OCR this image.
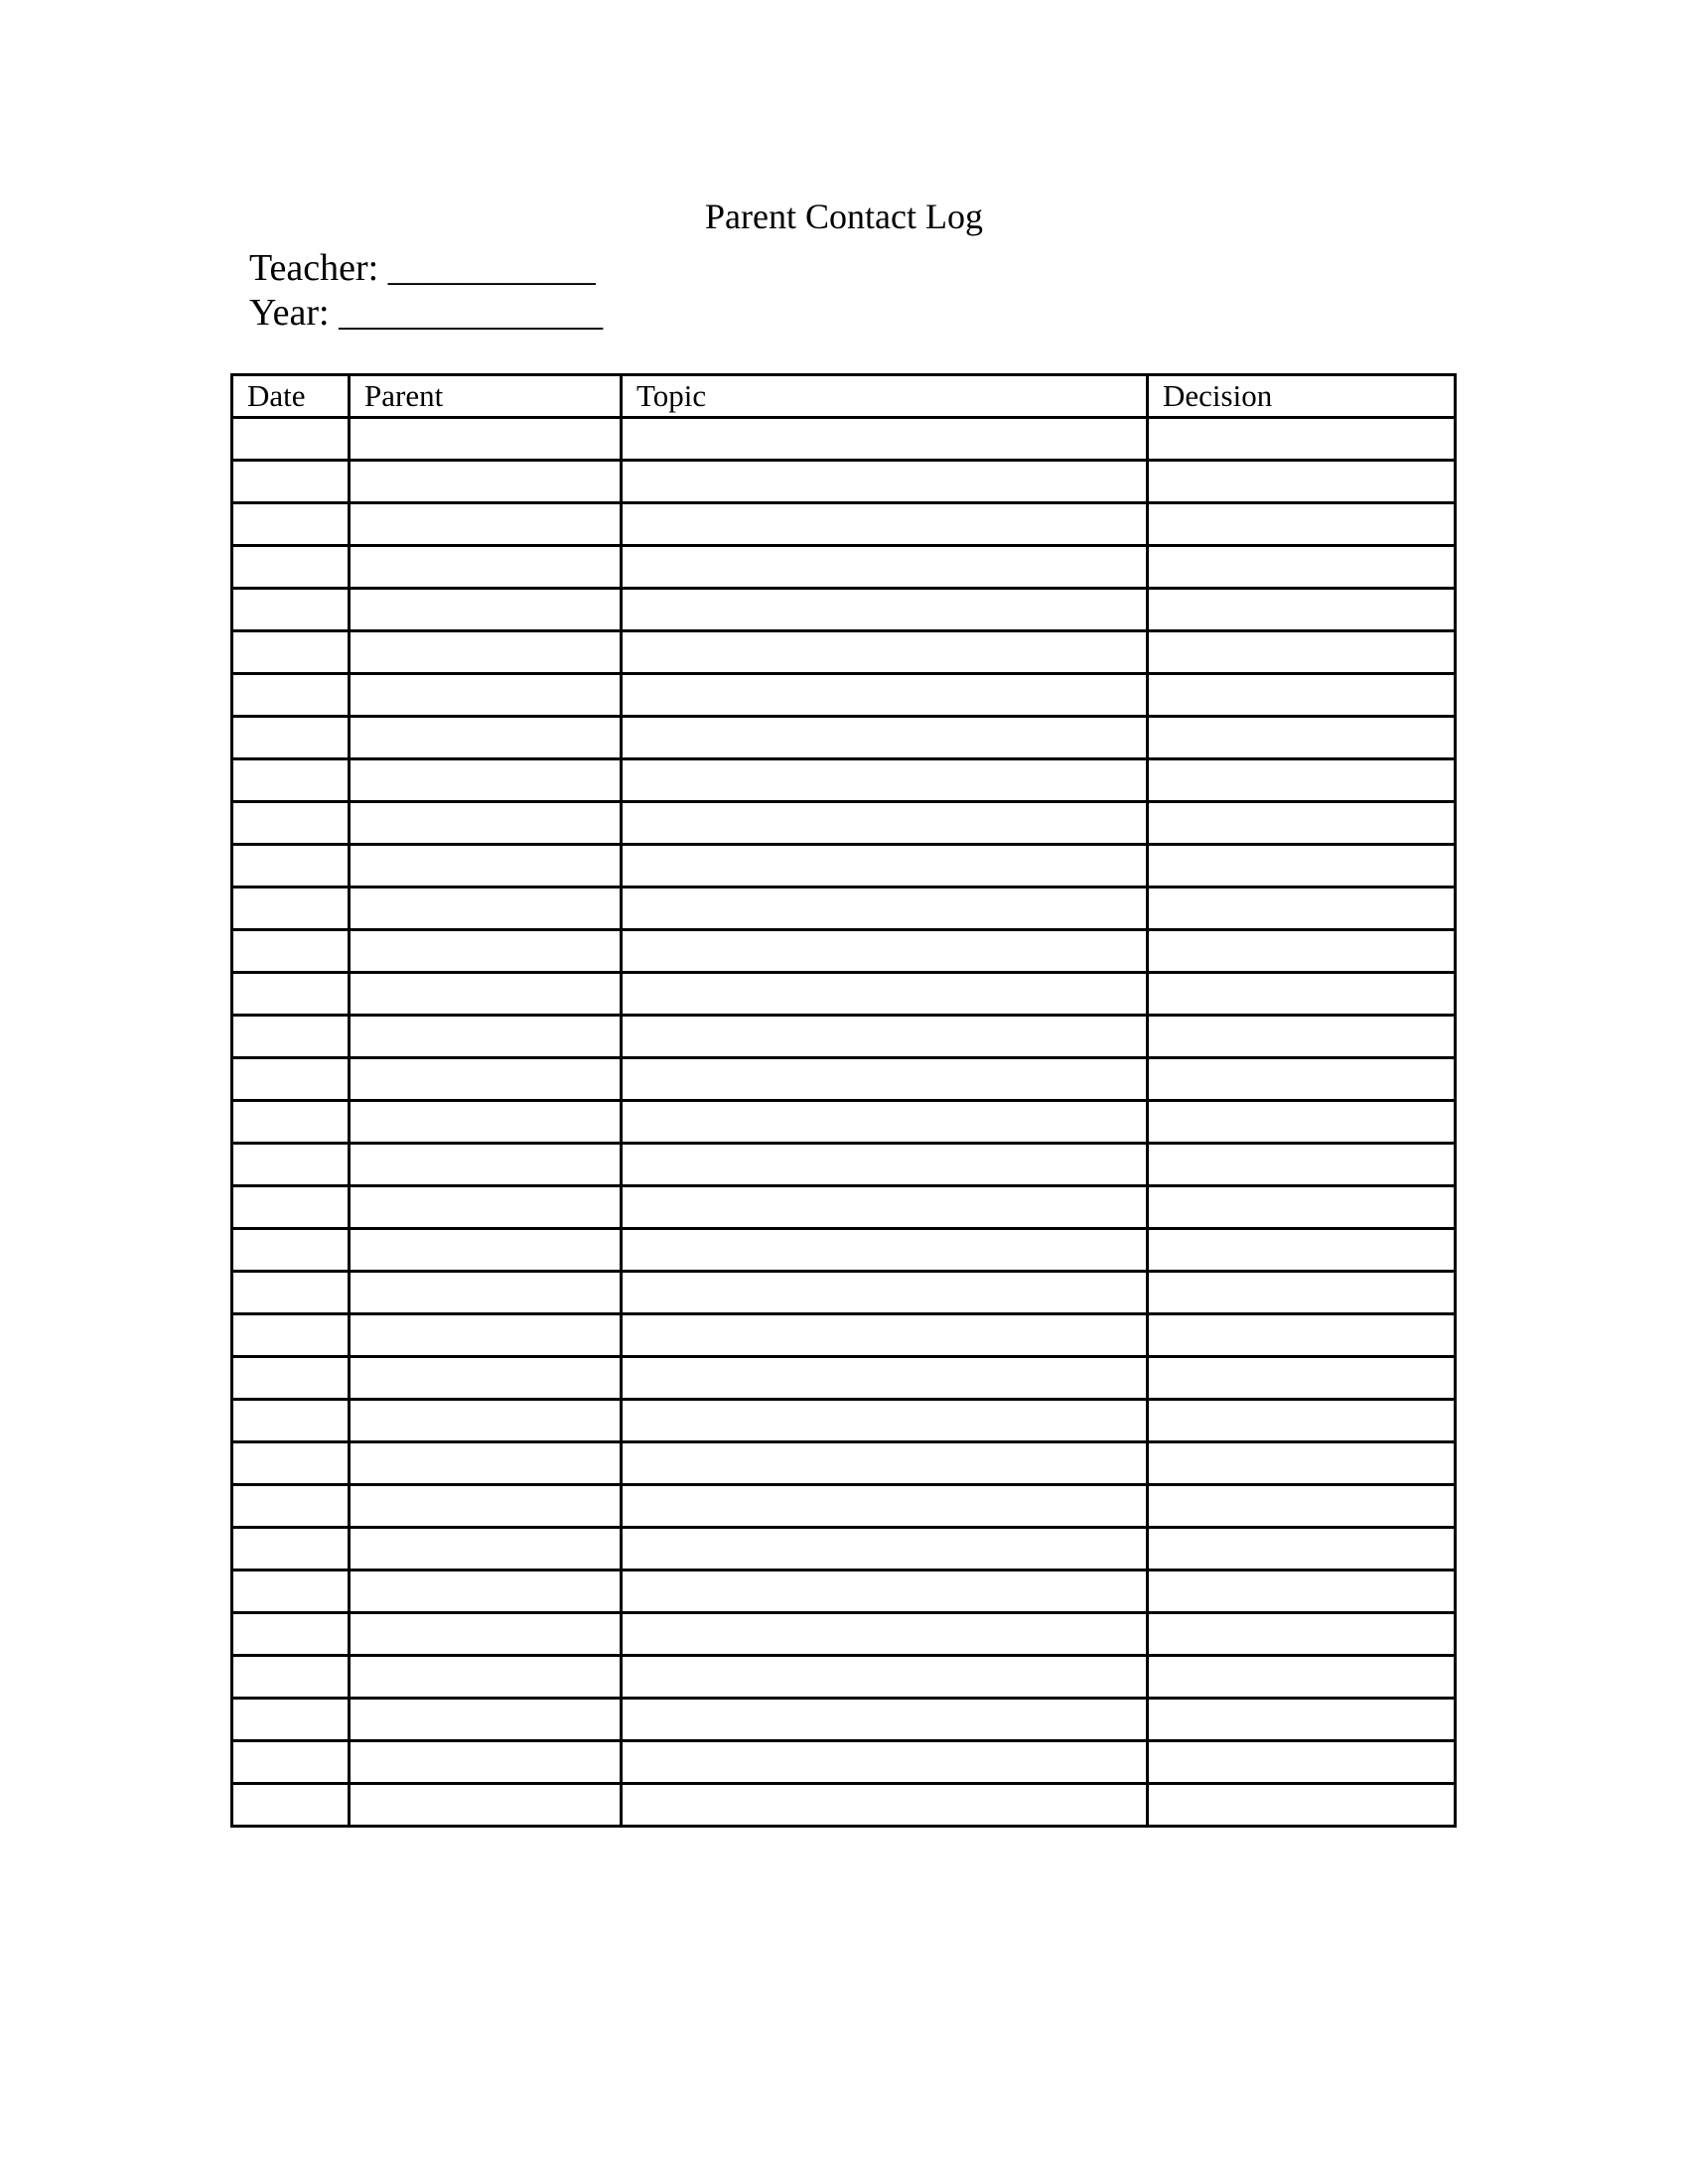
Parent Contact Log
Teacher: ___________
Year: ______________
Date	Parent	Topic	Decision
